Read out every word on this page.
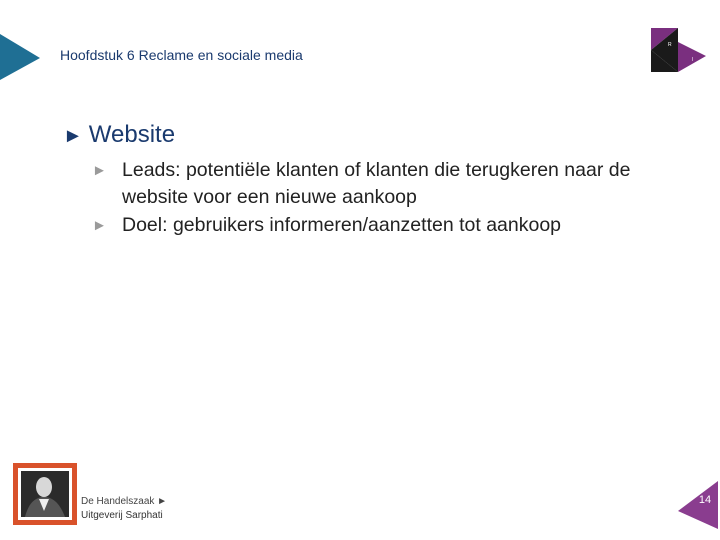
Hoofdstuk 6 Reclame en sociale media
R
I
► Website
► Leads: potentiële klanten of klanten die terugkeren naar de website voor een nieuwe aankoop
► Doel: gebruikers informeren/aanzetten tot aankoop
De Handelszaak ►
Uitgeverij Sarphati
14
